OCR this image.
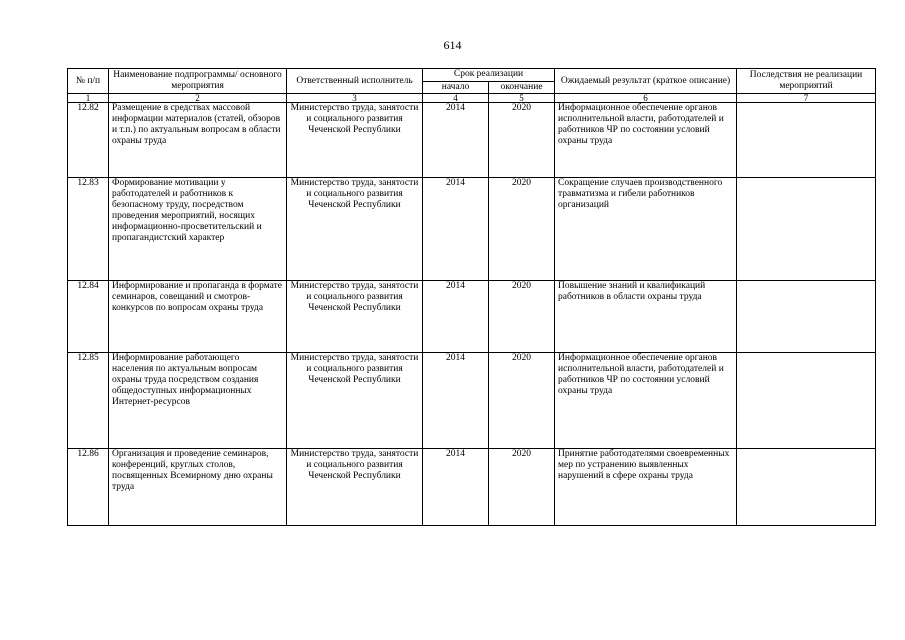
614
№ п/п	Наименование подпрограммы/ основного мероприятия	Ответственный исполнитель	Срок реализации		Ожидаемый результат (краткое описание)	Последствия не реализации мероприятий
			начало	окончание		
1	2	3	4	5	6	7
12.82	Размещение в средствах массовой информации материалов (статей, обзоров и т.п.) по актуальным вопросам в области охраны труда	Министерство труда, занятости и социального развития Чеченской Республики	2014	2020	Информационное обеспечение органов исполнительной власти, работодателей и работников ЧР по состоянии условий охраны труда	
12.83	Формирование мотивации у работодателей и работников к безопасному труду, посредством проведения мероприятий, носящих информационно-просветительский и пропагандистский характер	Министерство труда, занятости и социального развития Чеченской Республики	2014	2020	Сокращение случаев производственного травматизма и гибели работников организаций	
12.84	Информирование и пропаганда в формате семинаров, совещаний и смотров-конкурсов по вопросам охраны труда	Министерство труда, занятости и социального развития Чеченской Республики	2014	2020	Повышение знаний и квалификаций работников в области охраны труда	
12.85	Информирование работающего населения по актуальным вопросам охраны труда посредством создания общедоступных информационных Интернет-ресурсов	Министерство труда, занятости и социального развития Чеченской Республики	2014	2020	Информационное обеспечение органов исполнительной власти, работодателей и работников ЧР по состоянии условий охраны труда	
12.86	Организация и проведение семинаров, конференций, круглых столов, посвященных Всемирному дню охраны труда	Министерство труда, занятости и социального развития Чеченской Республики	2014	2020	Принятие работодателями своевременных мер по устранению выявленных нарушений в сфере охраны труда	
